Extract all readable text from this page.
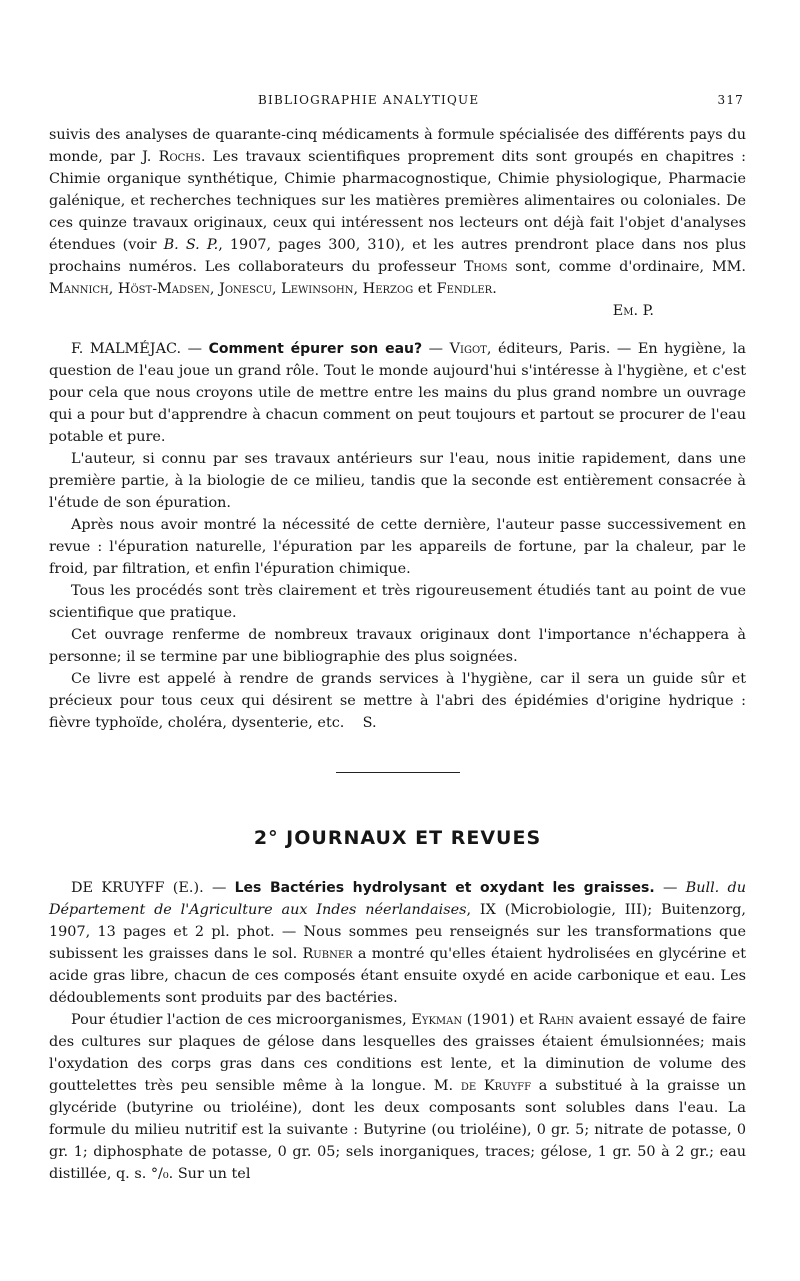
BIBLIOGRAPHIE ANALYTIQUE	317

suivis des analyses de quarante-cinq médicaments à formule spécialisée des différents pays du monde, par J. Rochs. Les travaux scientifiques proprement dits sont groupés en chapitres : Chimie organique synthétique, Chimie pharmacognostique, Chimie physiologique, Pharmacie galénique, et recherches techniques sur les matières premières alimentaires ou coloniales. De ces quinze travaux originaux, ceux qui intéressent nos lecteurs ont déjà fait l'objet d'analyses étendues (voir B. S. P., 1907, pages 300, 310), et les autres prendront place dans nos plus prochains numéros. Les collaborateurs du professeur Thoms sont, comme d'ordinaire, MM. Mannich, Höst-Madsen, Jonescu, Lewinsohn, Herzog et Fendler.

Em. P.

F. MALMÉJAC. — Comment épurer son eau? — Vigot, éditeurs, Paris. — En hygiène, la question de l'eau joue un grand rôle. Tout le monde aujourd'hui s'intéresse à l'hygiène, et c'est pour cela que nous croyons utile de mettre entre les mains du plus grand nombre un ouvrage qui a pour but d'apprendre à chacun comment on peut toujours et partout se procurer de l'eau potable et pure.

L'auteur, si connu par ses travaux antérieurs sur l'eau, nous initie rapidement, dans une première partie, à la biologie de ce milieu, tandis que la seconde est entièrement consacrée à l'étude de son épuration.

Après nous avoir montré la nécessité de cette dernière, l'auteur passe successivement en revue : l'épuration naturelle, l'épuration par les appareils de fortune, par la chaleur, par le froid, par filtration, et enfin l'épuration chimique.

Tous les procédés sont très clairement et très rigoureusement étudiés tant au point de vue scientifique que pratique.

Cet ouvrage renferme de nombreux travaux originaux dont l'importance n'échappera à personne; il se termine par une bibliographie des plus soignées.

Ce livre est appelé à rendre de grands services à l'hygiène, car il sera un guide sûr et précieux pour tous ceux qui désirent se mettre à l'abri des épidémies d'origine hydrique : fièvre typhoïde, choléra, dysenterie, etc. S.

2° JOURNAUX ET REVUES

DE KRUYFF (E.). — Les Bactéries hydrolysant et oxydant les graisses. — Bull. du Département de l'Agriculture aux Indes néerlandaises, IX (Microbiologie, III); Buitenzorg, 1907, 13 pages et 2 pl. phot. — Nous sommes peu renseignés sur les transformations que subissent les graisses dans le sol. Rubner a montré qu'elles étaient hydrolisées en glycérine et acide gras libre, chacun de ces composés étant ensuite oxydé en acide carbonique et eau. Les dédoublements sont produits par des bactéries.

Pour étudier l'action de ces microorganismes, Eykman (1901) et Rahn avaient essayé de faire des cultures sur plaques de gélose dans lesquelles des graisses étaient émulsionnées; mais l'oxydation des corps gras dans ces conditions est lente, et la diminution de volume des gouttelettes très peu sensible même à la longue. M. de Kruyff a substitué à la graisse un glycéride (butyrine ou trioléine), dont les deux composants sont solubles dans l'eau. La formule du milieu nutritif est la suivante : Butyrine (ou trioléine), 0 gr. 5; nitrate de potasse, 0 gr. 1; diphosphate de potasse, 0 gr. 05; sels inorganiques, traces; gélose, 1 gr. 50 à 2 gr.; eau distillée, q. s. °/₀. Sur un tel
